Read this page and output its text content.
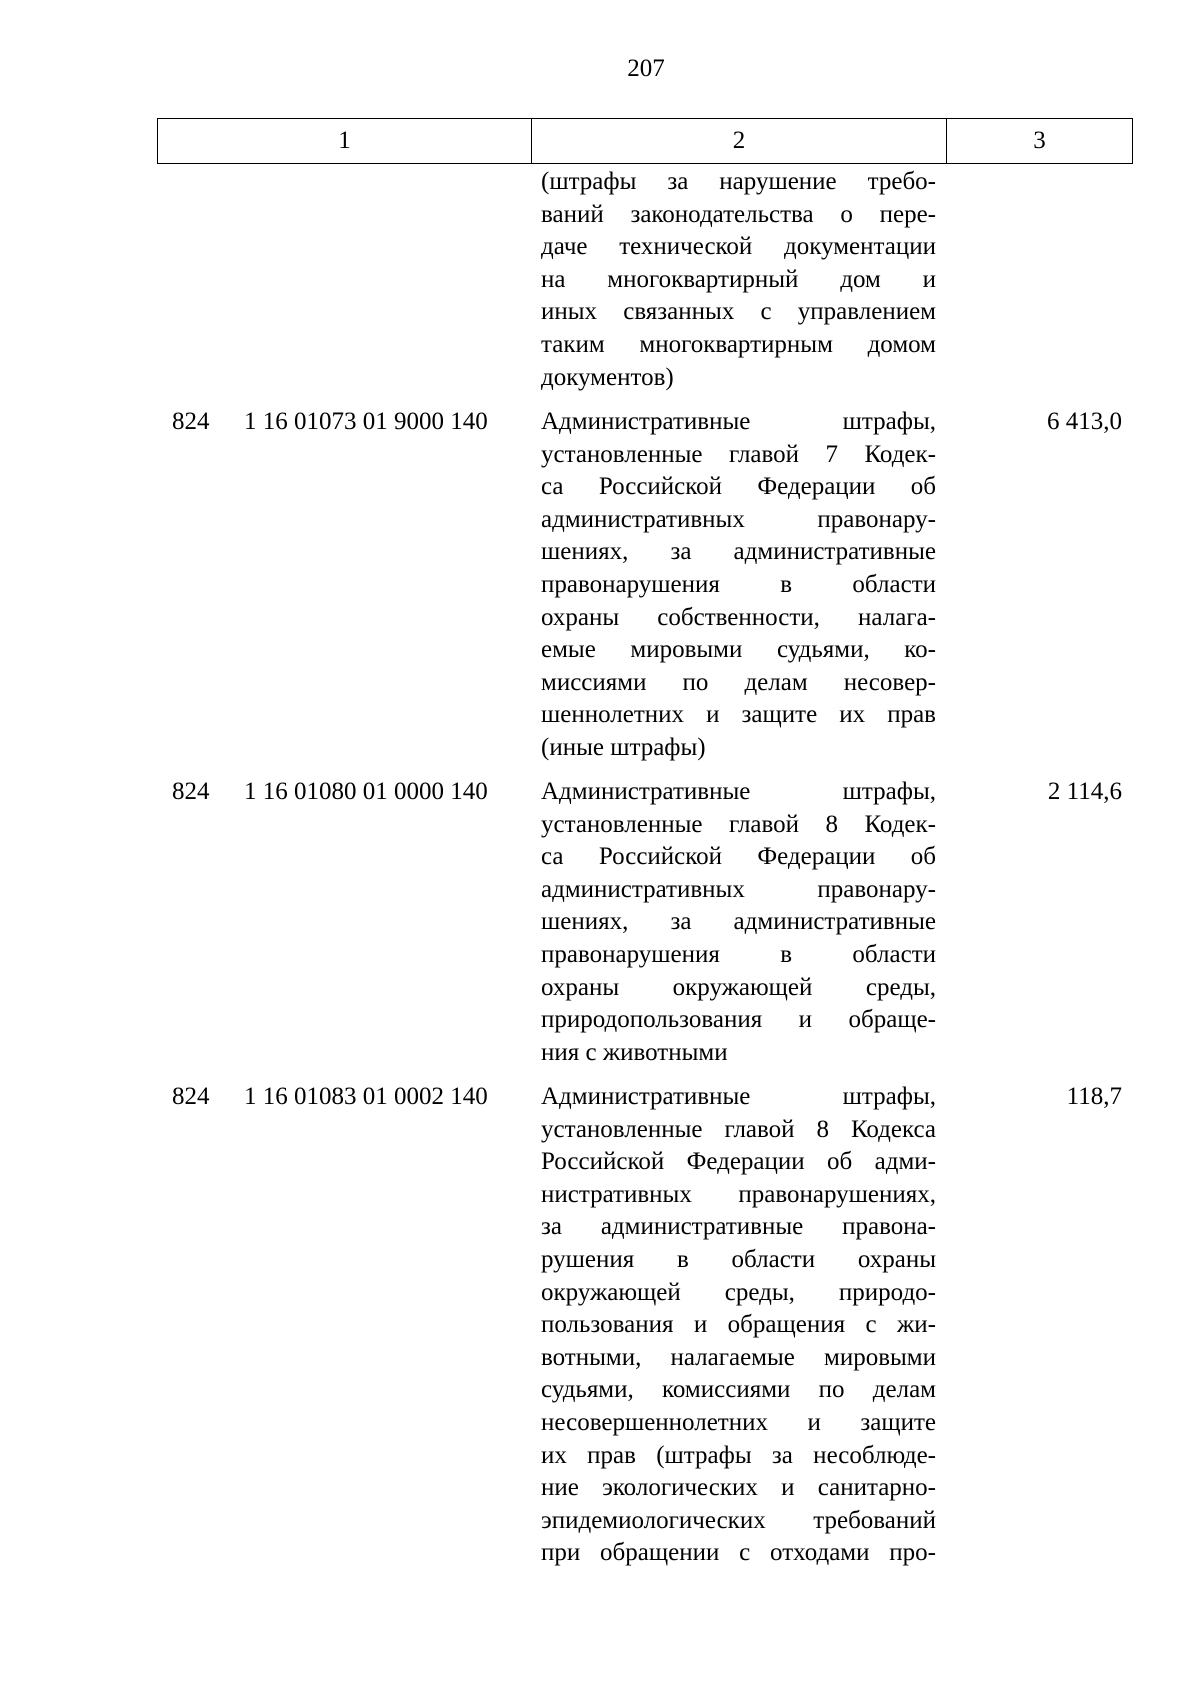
207
1	2	3
(штрафы за нарушение требо-
ваний законодательства о пере-
даче технической документации
на многоквартирный дом и
иных связанных с управлением
таким многоквартирным домом
документов)
824 1 16 01073 01 9000 140 Административные штрафы,
установленные главой 7 Кодек-
са Российской Федерации об
административных правонару-
шениях, за административные
правонарушения в области
охраны собственности, налага-
емые мировыми судьями, ко-
миссиями по делам несовер-
шеннолетних и защите их прав
(иные штрафы)
6 413,0
824 1 16 01080 01 0000 140 Административные штрафы,
установленные главой 8 Кодек-
са Российской Федерации об
административных правонару-
шениях, за административные
правонарушения в области
охраны окружающей среды,
природопользования и обраще-
ния с животными
2 114,6
824 1 16 01083 01 0002 140 Административные штрафы,
установленные главой 8 Кодекса
Российской Федерации об адми-
нистративных правонарушениях,
за административные правона-
рушения в области охраны
окружающей среды, природо-
пользования и обращения с жи-
вотными, налагаемые мировыми
судьями, комиссиями по делам
несовершеннолетних и защите
их прав (штрафы за несоблюде-
ние экологических и санитарно-
эпидемиологических требований
при обращении с отходами про-
118,7
